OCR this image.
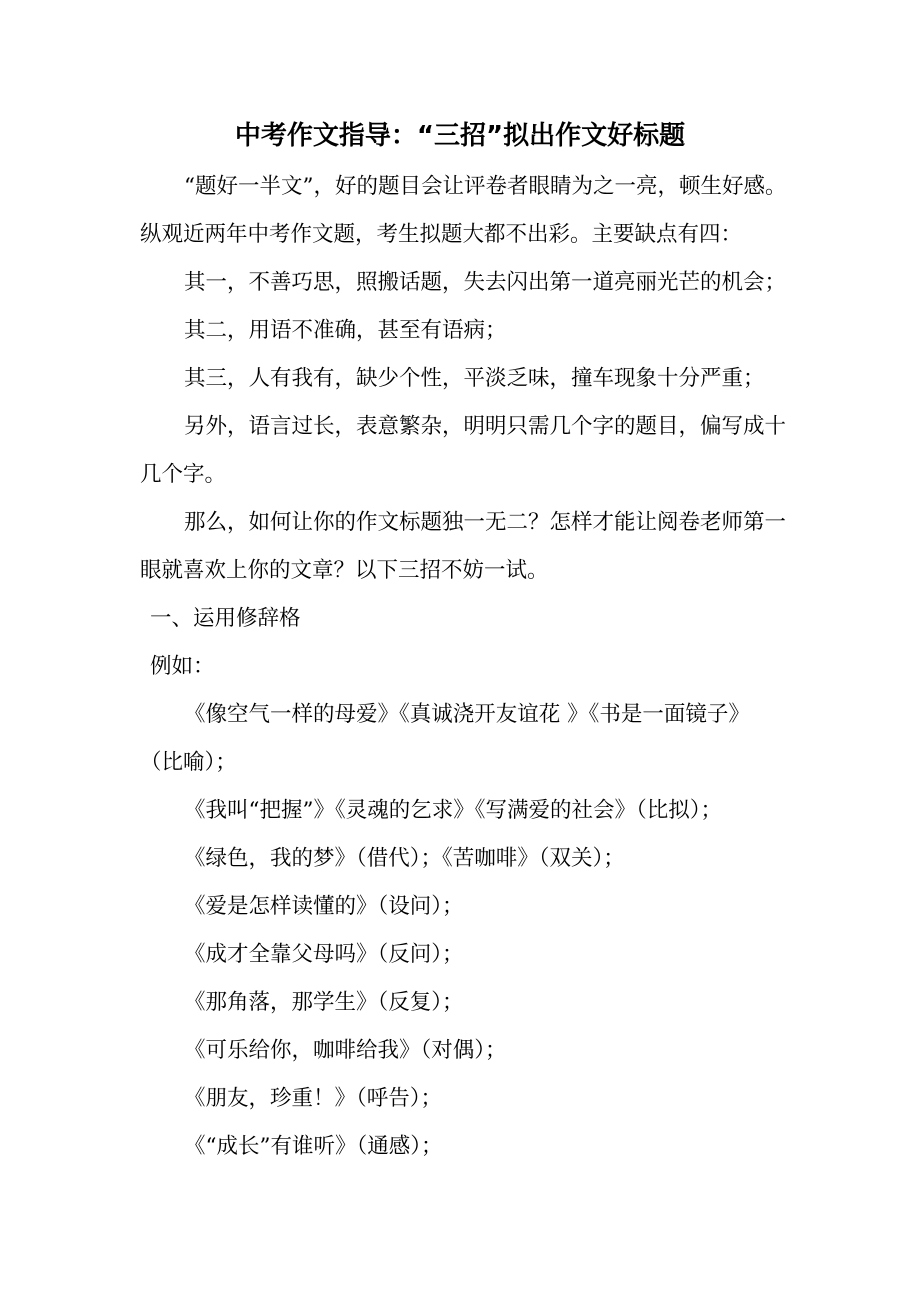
中考作文指导：“三招”拟出作文好标题
“题好一半文”，好的题目会让评卷者眼睛为之一亮，顿生好感。
纵观近两年中考作文题，考生拟题大都不出彩。主要缺点有四：
其一，不善巧思，照搬话题，失去闪出第一道亮丽光芒的机会；
其二，用语不准确，甚至有语病；
其三，人有我有，缺少个性，平淡乏味，撞车现象十分严重；
另外，语言过长，表意繁杂，明明只需几个字的题目，偏写成十
几个字。
那么，如何让你的作文标题独一无二？怎样才能让阅卷老师第一
眼就喜欢上你的文章？以下三招不妨一试。
一、运用修辞格
例如：
《像空气一样的母爱》《真诚浇开友谊花 》《书是一面镜子》
（比喻）；
《我叫“把握”》《灵魂的乞求》《写满爱的社会》（比拟）；
《绿色，我的梦》（借代）；《苦咖啡》（双关）；
《爱是怎样读懂的》（设问）；
《成才全靠父母吗》（反问）；
《那角落，那学生》（反复）；
《可乐给你，咖啡给我》（对偶）；
《朋友，珍重！》（呼告）；
《“成长”有谁听》（通感）；
